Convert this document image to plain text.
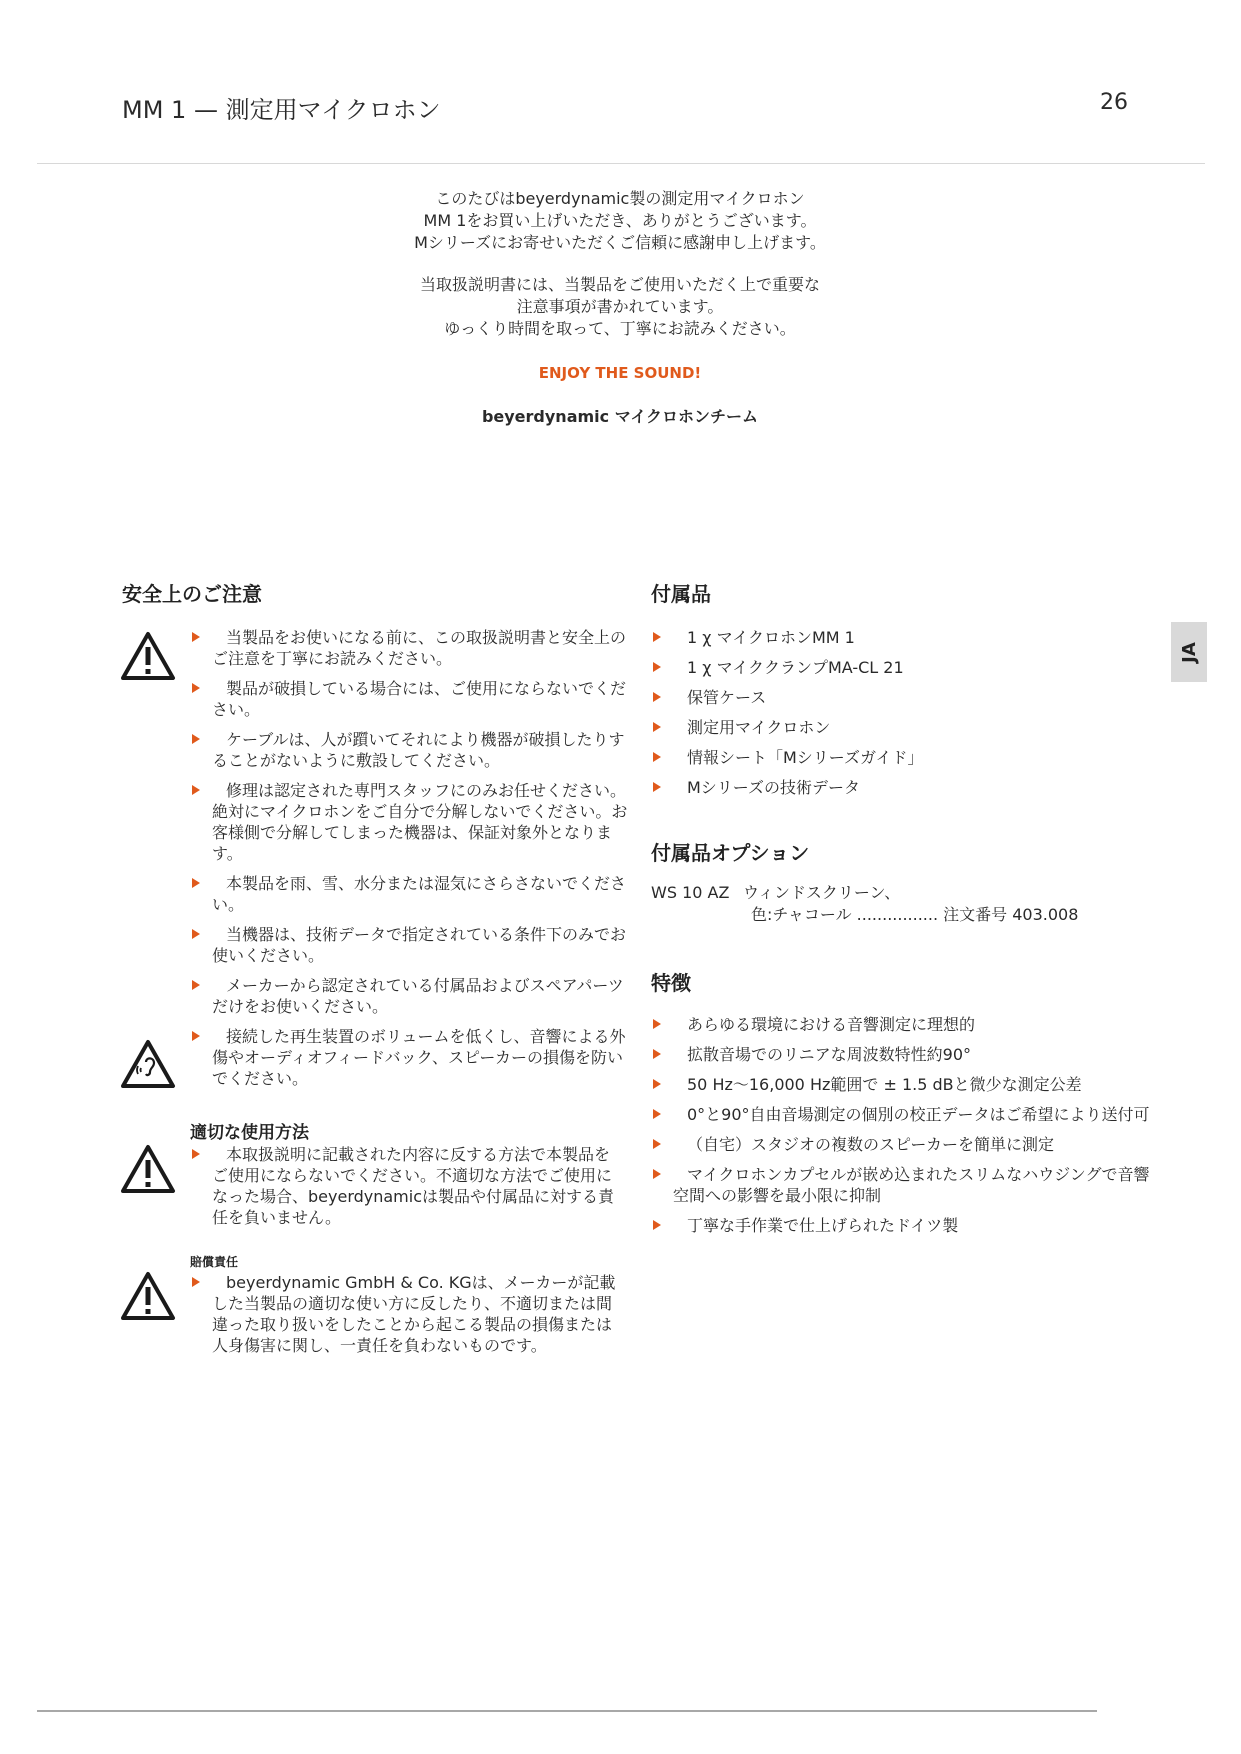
MM 1 — 測定用マイクロホン	26

このたびはbeyerdynamic製の測定用マイクロホン

MM 1をお買い上げいただき、ありがとうございます。

Mシリーズにお寄せいただくご信頼に感謝申し上げます。

当取扱説明書には、当製品をご使用いただく上で重要な

注意事項が書かれています。

ゆっくり時間を取って、丁寧にお読みください。

ENJOY THE SOUND!

beyerdynamic マイクロホンチーム

JA
安全上のご注意
当製品をお使いになる前に、この取扱説明書と安全上のご注意を丁寧にお読みください。
製品が破損している場合には、ご使用にならないでください。
ケーブルは、人が躓いてそれにより機器が破損したりすることがないように敷設してください。
修理は認定された専門スタッフにのみお任せください。絶対にマイクロホンをご自分で分解しないでください。お客様側で分解してしまった機器は、保証対象外となります。
本製品を雨、雪、水分または湿気にさらさないでください。
当機器は、技術データで指定されている条件下のみでお使いください。
メーカーから認定されている付属品およびスペアパーツだけをお使いください。
接続した再生装置のボリュームを低くし、音響による外傷やオーディオフィードバック、スピーカーの損傷を防いでください。
適切な使用方法
本取扱説明に記載された内容に反する方法で本製品をご使用にならないでください。不適切な方法でご使用になった場合、beyerdynamicは製品や付属品に対する責任を負いません。
賠償責任
beyerdynamic GmbH & Co. KGは、メーカーが記載した当製品の適切な使い方に反したり、不適切または間違った取り扱いをしたことから起こる製品の損傷または人身傷害に関し、一責任を負わないものです。
付属品
1 χ マイクロホンMM 1
1 χ マイククランプMA-CL 21
保管ケース
測定用マイクロホン
情報シート「Mシリーズガイド」
Mシリーズの技術データ
付属品オプション
WS 10 AZ ウィンドスクリーン、
色:チャコール ................ 注文番号 403.008
特徴
あらゆる環境における音響測定に理想的
拡散音場でのリニアな周波数特性約90°
50 Hz～16,000 Hz範囲で ± 1.5 dBと微少な測定公差
0°と90°自由音場測定の個別の校正データはご希望により送付可
（自宅）スタジオの複数のスピーカーを簡単に測定
マイクロホンカプセルが嵌め込まれたスリムなハウジングで音響空間への影響を最小限に抑制
丁寧な手作業で仕上げられたドイツ製
